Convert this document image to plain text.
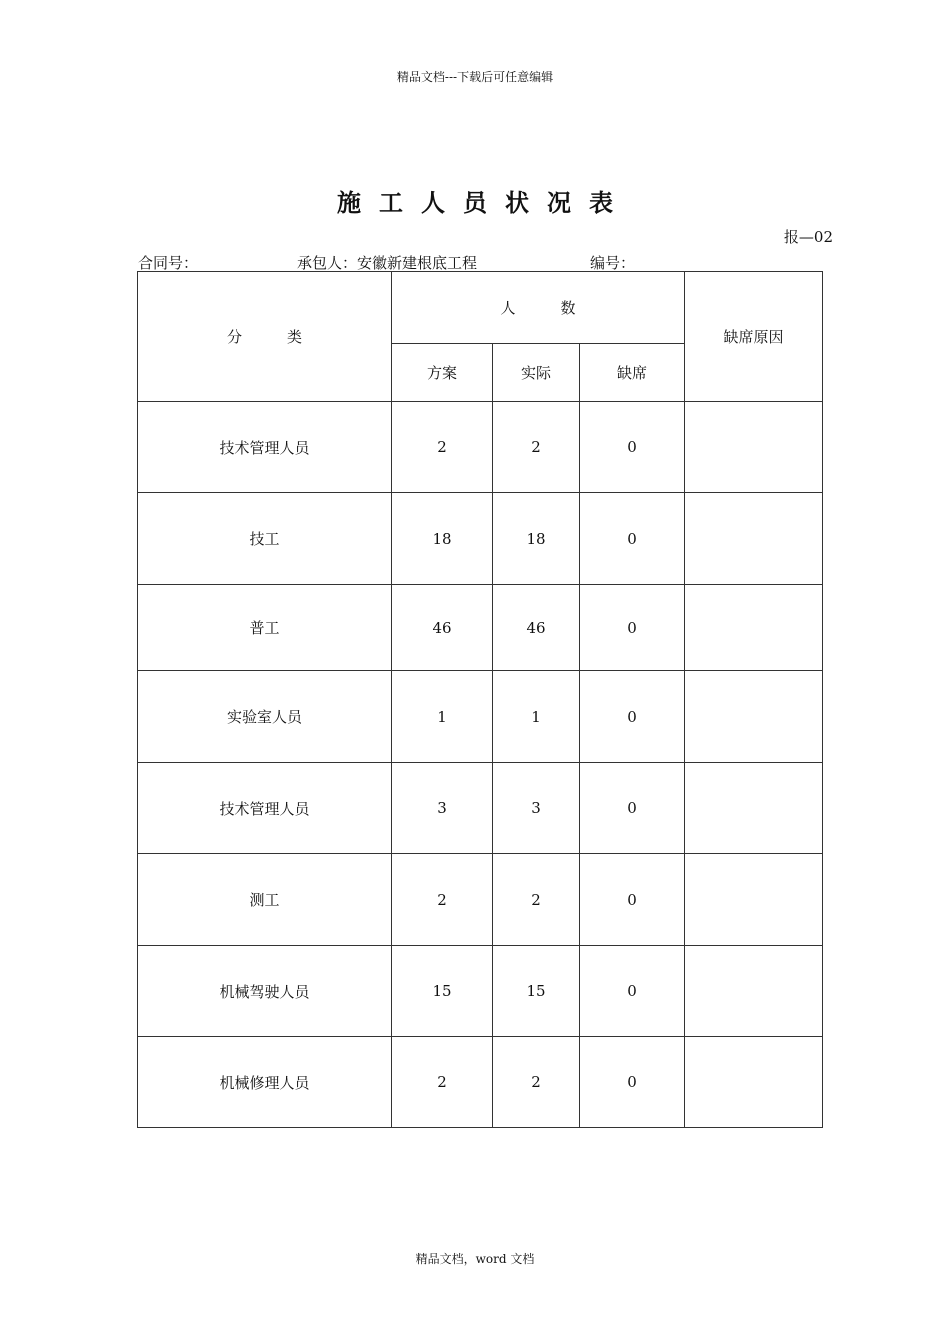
精品文档---下载后可任意编辑
施工人员状况表
报—02
合同号：	承包人：安徽新建根底工程	编号：
分　　　类	人　　　数			缺席原因
	方案	实际	缺席	
技术管理人员	2	2	0	
技工	18	18	0	
普工	46	46	0	
实验室人员	1	1	0	
技术管理人员	3	3	0	
测工	2	2	0	
机械驾驶人员	15	15	0	
机械修理人员	2	2	0	
精品文档，word 文档
